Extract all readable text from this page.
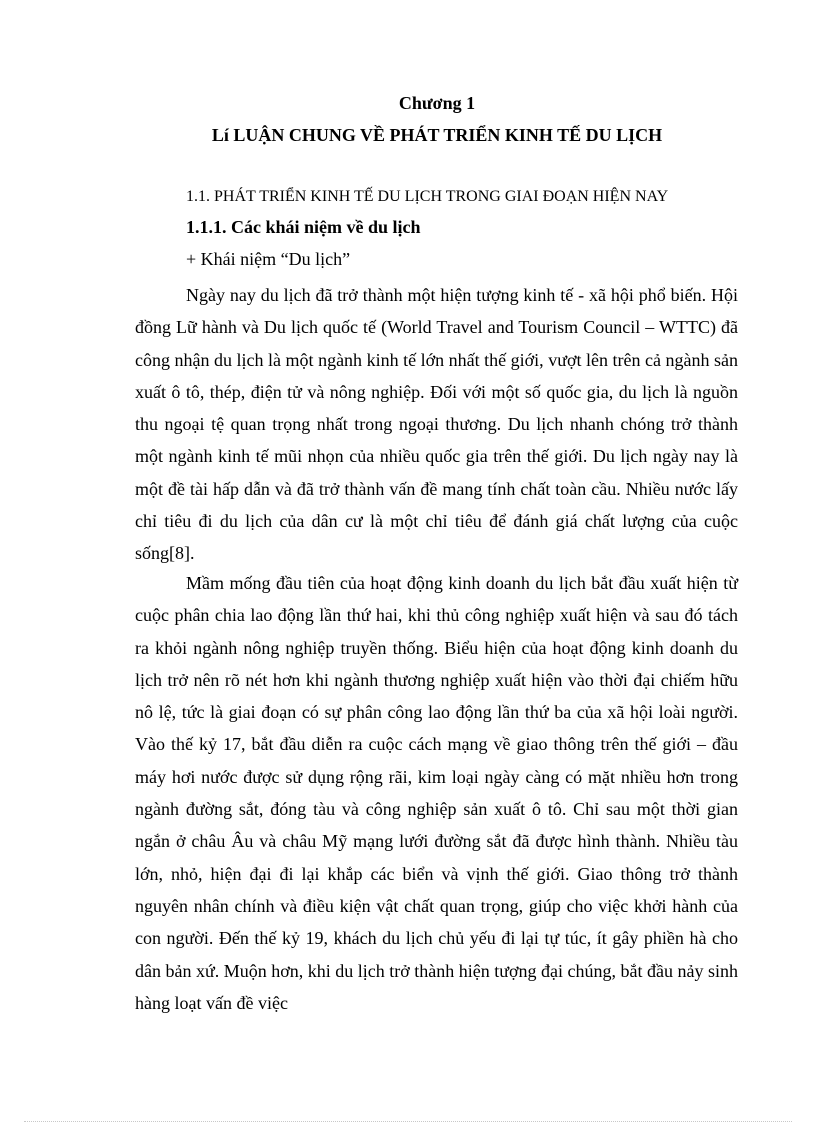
Chương 1
Lí LUẬN CHUNG VỀ PHÁT TRIỂN KINH TẾ DU LỊCH
1.1. PHÁT TRIỂN KINH TẾ DU LỊCH TRONG GIAI ĐOẠN HIỆN NAY
1.1.1. Các khái niệm về du lịch
+ Khái niệm “Du lịch”

Ngày nay du lịch đã trở thành một hiện tượng kinh tế - xã hội phổ biến. Hội đồng Lữ hành và Du lịch quốc tế (World Travel and Tourism Council – WTTC) đã công nhận du lịch là một ngành kinh tế lớn nhất thế giới, vượt lên trên cả ngành sản xuất ô tô, thép, điện tử và nông nghiệp. Đối với một số quốc gia, du lịch là nguồn thu ngoại tệ quan trọng nhất trong ngoại thương. Du lịch nhanh chóng trở thành một ngành kinh tế mũi nhọn của nhiều quốc gia trên thế giới. Du lịch ngày nay là một đề tài hấp dẫn và đã trở thành vấn đề mang tính chất toàn cầu. Nhiều nước lấy chỉ tiêu đi du lịch của dân cư là một chỉ tiêu để đánh giá chất lượng của cuộc sống[8].

Mầm mống đầu tiên của hoạt động kinh doanh du lịch bắt đầu xuất hiện từ cuộc phân chia lao động lần thứ hai, khi thủ công nghiệp xuất hiện và sau đó tách ra khỏi ngành nông nghiệp truyền thống. Biểu hiện của hoạt động kinh doanh du lịch trở nên rõ nét hơn khi ngành thương nghiệp xuất hiện vào thời đại chiếm hữu nô lệ, tức là giai đoạn có sự phân công lao động lần thứ ba của xã hội loài người. Vào thế kỷ 17, bắt đầu diễn ra cuộc cách mạng về giao thông trên thế giới – đầu máy hơi nước được sử dụng rộng rãi, kim loại ngày càng có mặt nhiều hơn trong ngành đường sắt, đóng tàu và công nghiệp sản xuất ô tô. Chỉ sau một thời gian ngắn ở châu Âu và châu Mỹ mạng lưới đường sắt đã được hình thành. Nhiều tàu lớn, nhỏ, hiện đại đi lại khắp các biển và vịnh thế giới. Giao thông trở thành nguyên nhân chính và điều kiện vật chất quan trọng, giúp cho việc khởi hành của con người. Đến thế kỷ 19, khách du lịch chủ yếu đi lại tự túc, ít gây phiền hà cho dân bản xứ. Muộn hơn, khi du lịch trở thành hiện tượng đại chúng, bắt đầu nảy sinh hàng loạt vấn đề việc
